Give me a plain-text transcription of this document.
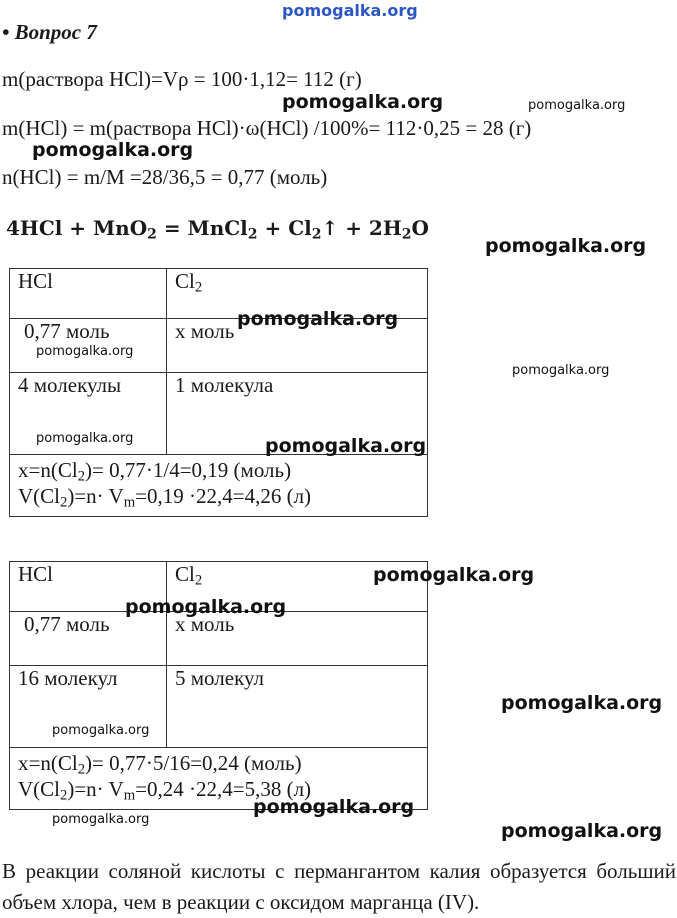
pomogalka.org
• Вопрос 7
m(раствора HCl)=Vρ = 100·1,12= 112 (г)
m(HCl) = m(раствора HCl)·ω(HCl) /100%= 112·0,25 = 28 (г)
n(HCl) = m/M =28/36,5 = 0,77 (моль)
pomogalka.org	pomogalka.org
pomogalka.org
4HCl + MnO$_2$ = MnCl$_2$ + $Cl_2↑ + 2H_2O$
pomogalka.org
HCl	$Cl_2$
0,77 моль	x моль
4 молекулы	1 молекула

$x=n(Cl_2)= 0,77\cdot 1/4=0,19$ (моль)
$V(Cl_2)=n\cdot V_m=0,19 \cdot 22,4=4,26$ (л)	
pomogalka.org
pomogalka.org
pomogalka.org
pomogalka.org	pomogalka.org
HCl	$Cl_2$
0,77 моль	x моль
16 молекул	5 молекул

$x=n(Cl_2)= 0,77\cdot 5/16=0,24$ (моль)
$V(Cl_2)=n\cdot V_m=0,24 \cdot 22,4=5,38$ (л)	
pomogalka.org
pomogalka.org
pomogalka.org
pomogalka.org
pomogalka.org
pomogalka.org
pomogalka.org
В реакции соляной кислоты с пермангантом калия образуется больший объем хлора, чем в реакции с оксидом марганца (IV).
